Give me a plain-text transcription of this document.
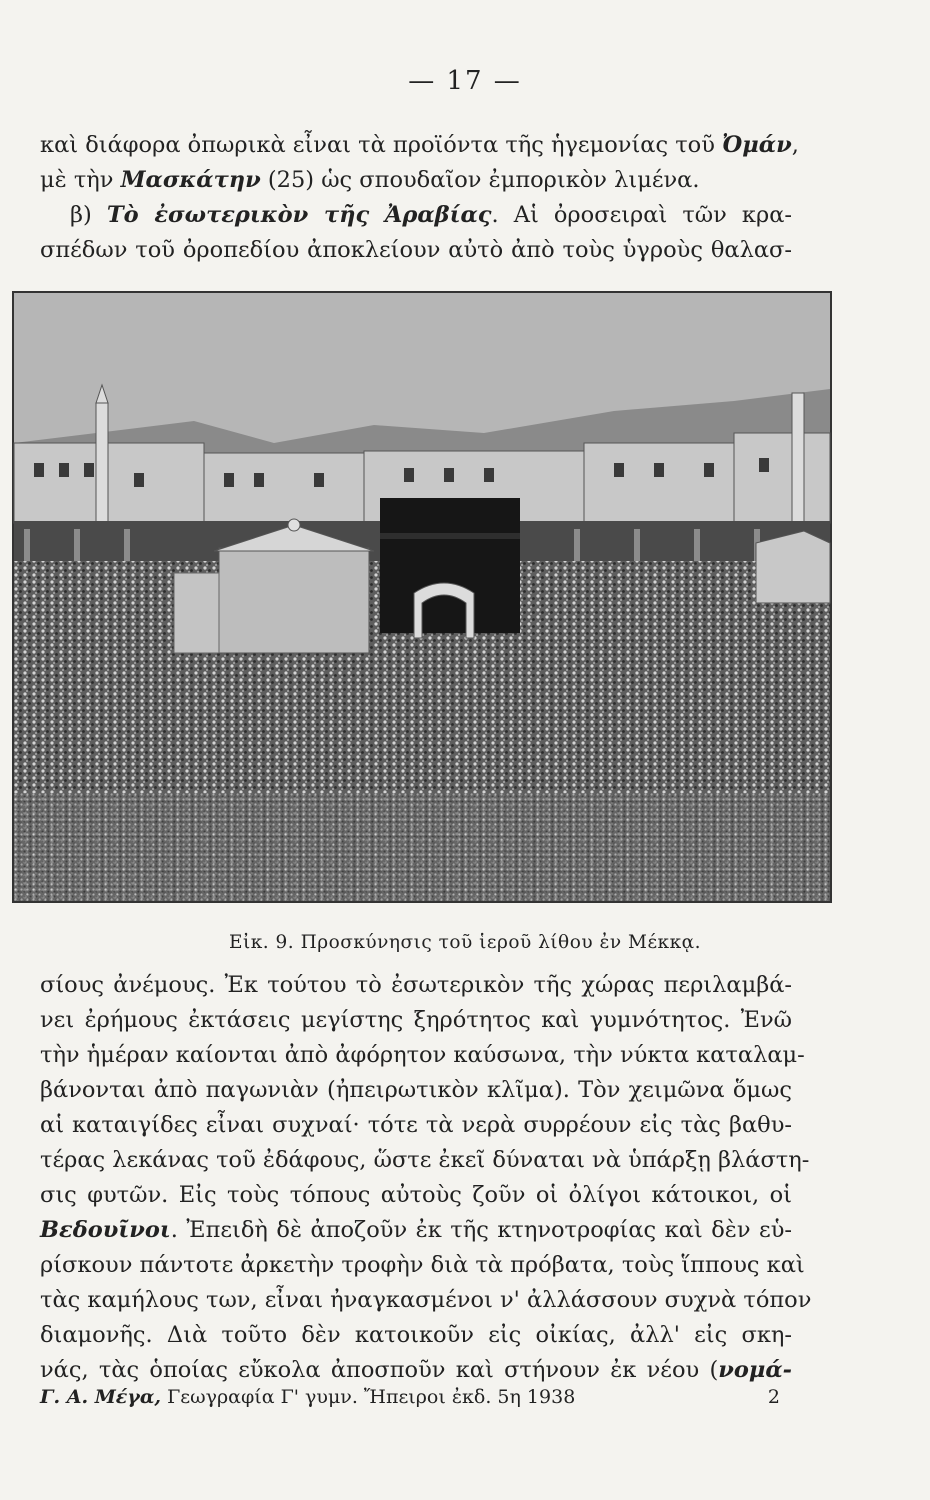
— 17 —
καὶ διάφορα ὀπωρικὰ εἶναι τὰ προϊόντα τῆς ἡγεμονίας τοῦ Ὀμάν,
μὲ τὴν Μασκάτην (25) ὡς σπουδαῖον ἐμπορικὸν λιμένα.
β) Τὸ ἐσωτερικὸν τῆς Ἀραβίας. Αἱ ὀροσειραὶ τῶν κρα-
σπέδων τοῦ ὀροπεδίου ἀποκλείουν αὐτὸ ἀπὸ τοὺς ὑγροὺς θαλασ-
Εἰκ. 9. Προσκύνησις τοῦ ἱεροῦ λίθου ἐν Μέκκᾳ.
σίους ἀνέμους. Ἐκ τούτου τὸ ἐσωτερικὸν τῆς χώρας περιλαμβά-
νει ἐρήμους ἐκτάσεις μεγίστης ξηρότητος καὶ γυμνότητος. Ἐνῶ
τὴν ἡμέραν καίονται ἀπὸ ἀφόρητον καύσωνα, τὴν νύκτα καταλαμ-
βάνονται ἀπὸ παγωνιὰν (ἠπειρωτικὸν κλῖμα). Τὸν χειμῶνα ὅμως
αἱ καταιγίδες εἶναι συχναί· τότε τὰ νερὰ συρρέουν εἰς τὰς βαθυ-
τέρας λεκάνας τοῦ ἐδάφους, ὥστε ἐκεῖ δύναται νὰ ὑπάρξῃ βλάστη-
σις φυτῶν. Εἰς τοὺς τόπους αὐτοὺς ζοῦν οἱ ὀλίγοι κάτοικοι, οἱ
Βεδουῖνοι. Ἐπειδὴ δὲ ἀποζοῦν ἐκ τῆς κτηνοτροφίας καὶ δὲν εὑ-
ρίσκουν πάντοτε ἀρκετὴν τροφὴν διὰ τὰ πρόβατα, τοὺς ἵππους καὶ
τὰς καμήλους των, εἶναι ἠναγκασμένοι ν' ἀλλάσσουν συχνὰ τόπον
διαμονῆς. Διὰ τοῦτο δὲν κατοικοῦν εἰς οἰκίας, ἀλλ' εἰς σκη-
νάς, τὰς ὁποίας εὔκολα ἀποσποῦν καὶ στήνουν ἐκ νέου (νομά-
Γ. Α. Μέγα, Γεωγραφία Γ' γυμν. Ἤπειροι ἐκδ. 5η 1938	2
